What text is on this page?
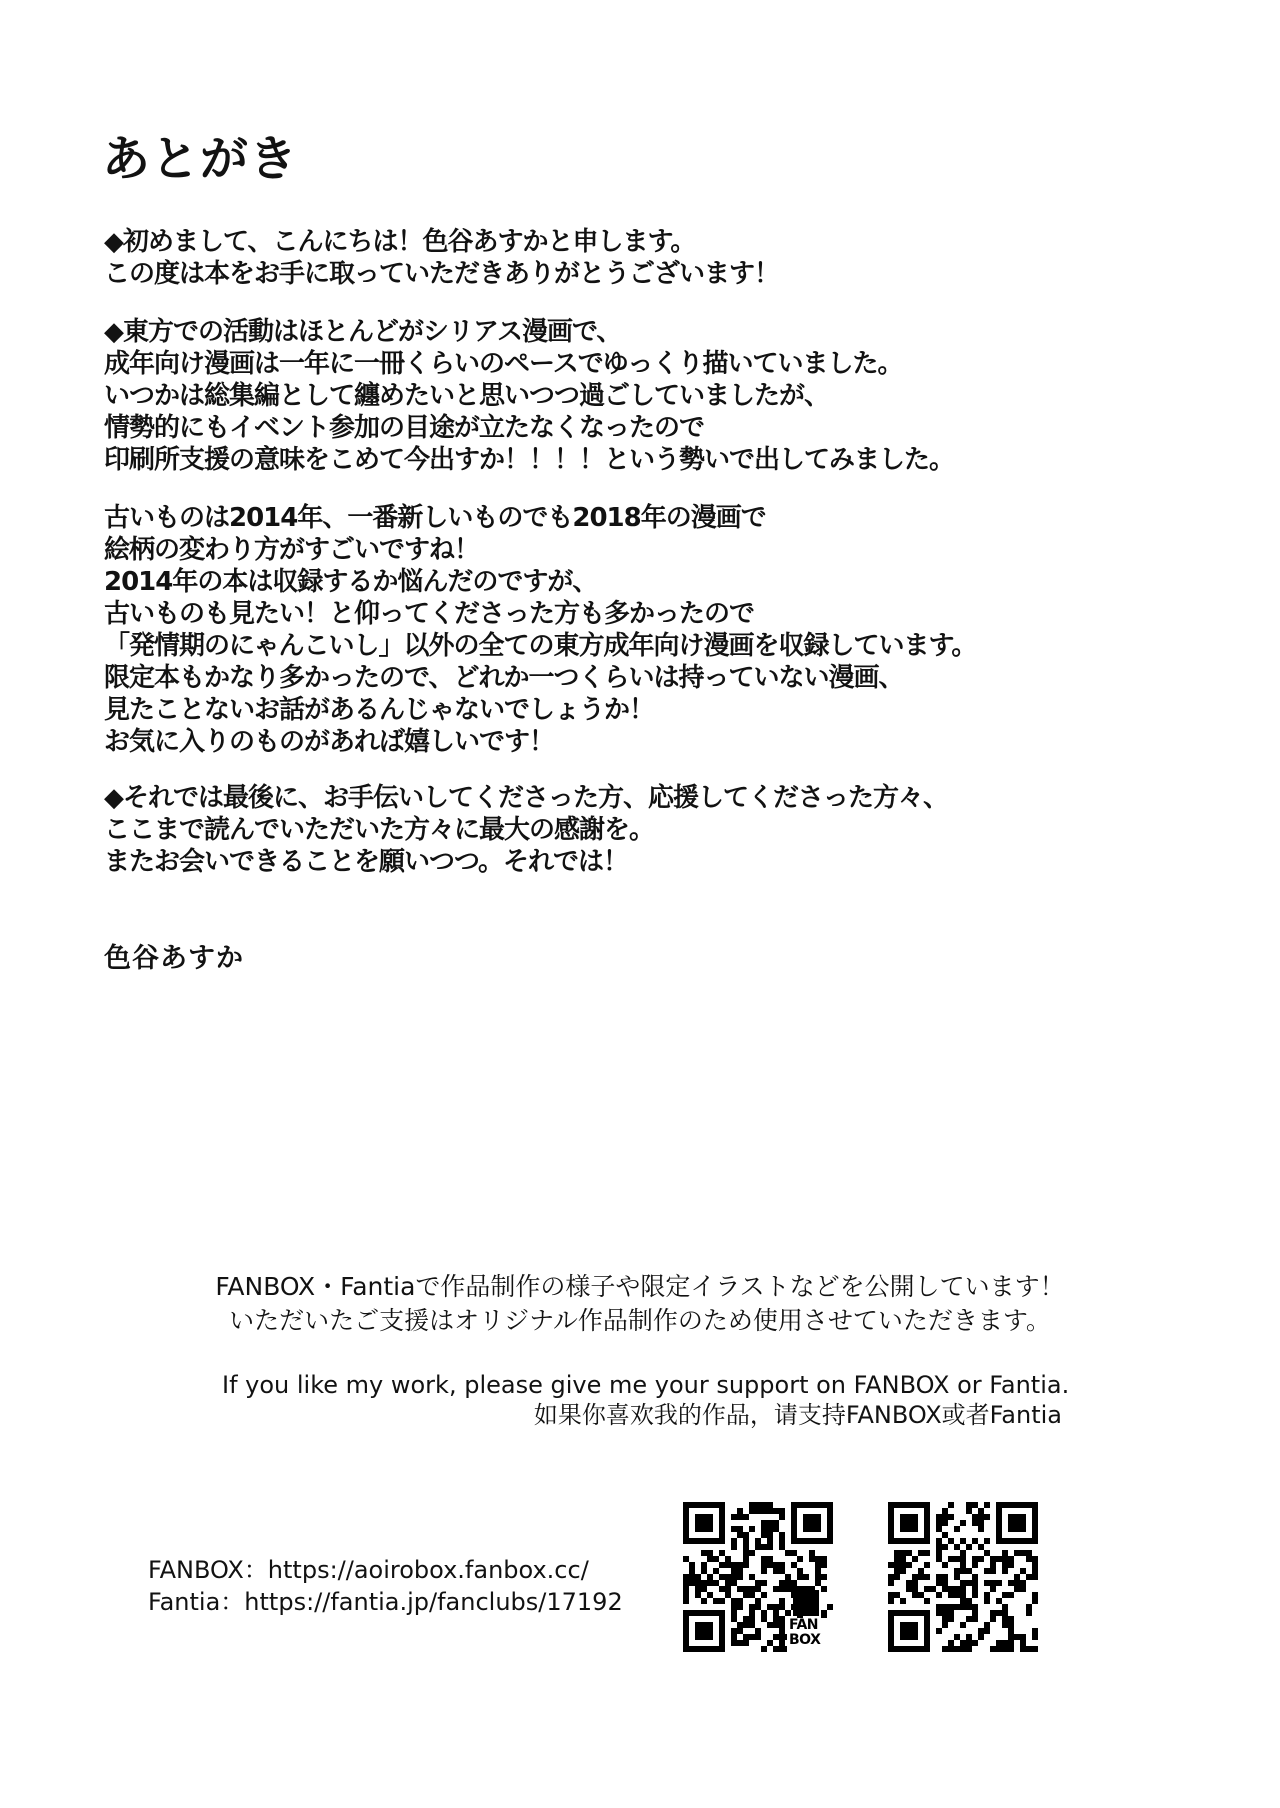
あとがき
◆初めまして、こんにちは！色谷あすかと申します。
この度は本をお手に取っていただきありがとうございます！
◆東方での活動はほとんどがシリアス漫画で、
成年向け漫画は一年に一冊くらいのペースでゆっくり描いていました。
いつかは総集編として纏めたいと思いつつ過ごしていましたが、
情勢的にもイベント参加の目途が立たなくなったので
印刷所支援の意味をこめて今出すか！！！！という勢いで出してみました。
古いものは2014年、一番新しいものでも2018年の漫画で
絵柄の変わり方がすごいですね！
2014年の本は収録するか悩んだのですが、
古いものも見たい！と仰ってくださった方も多かったので
「発情期のにゃんこいし」以外の全ての東方成年向け漫画を収録しています。
限定本もかなり多かったので、どれか一つくらいは持っていない漫画、
見たことないお話があるんじゃないでしょうか！
お気に入りのものがあれば嬉しいです！
◆それでは最後に、お手伝いしてくださった方、応援してくださった方々、
ここまで読んでいただいた方々に最大の感謝を。
またお会いできることを願いつつ。それでは！
色谷あすか
FANBOX・Fantiaで作品制作の様子や限定イラストなどを公開しています！
いただいたご支援はオリジナル作品制作のため使用させていただきます。
If you like my work, please give me your support on FANBOX or Fantia.
如果你喜欢我的作品，请支持FANBOX或者Fantia
FANBOX：https://aoirobox.fanbox.cc/
Fantia：https://fantia.jp/fanclubs/17192
FAN
BOX
